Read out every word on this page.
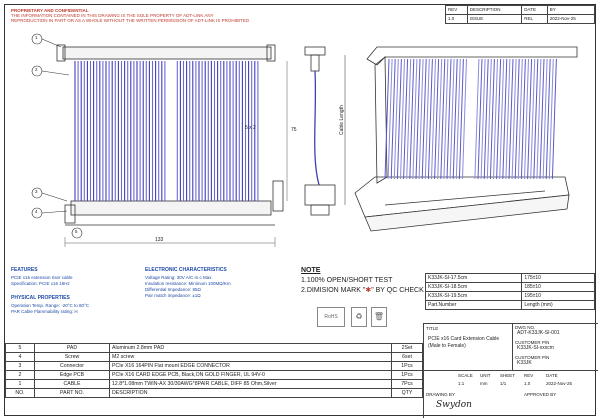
PROPRIETARY AND CONFIDENTIAL
THE INFORMATION CONTAINED IN THIS DRAWING IS THE SOLE PROPERTY OF ADT-LINK ANY
REPRODUCTION IN PART OR AS A WHOLE WITHOUT THE WRITTEN PERMISSION OF ADT-LINK IS PROHIBITED
REV	DESCRIPTION	DATE	BY
1.0	ISSUE	REL	2022-Nov-25
133
75
5 x 2	Cable Length
1
2
3
4
5
FEATURES
PCIE x16 extension riser cable
Specification: PCIE x16 16Hz
PHYSICAL PROPERTIES
Operation Temp. Range: -20°C to 80°C
PAR Cable Flammability rating: H
ELECTRONIC CHARACTERISTICS
Voltage Rating: 30V A/C m.c Max
Insulation resistance: Minimum 100MΩ/Km
Differential Impedance: 85Ω
Pair match impedance: ±1Ω
NOTE
1.100% OPEN/SHORT TEST
2.DIMISION MARK "✱" BY QC CHECK
RoHS	♻	🗑
K33JK-SI-17.5cm	175±10
K33JK-SI-18.5cm	185±10
K33JK-SI-19.5cm	195±10
Part.Number	Length (mm)
TITLE
PCIE x16 Card Extension Cable
(Male to Female)
DWG NO.
ADT-K33JK-SI-001
CUSTOMER P/N
K33JK-SI-xxxcm
CUSTOMER P/N
K33JK
SCALE UNIT SHEET REV	DATE
1:1	mm	1/1	1.0	2022-Nov-25
DRAWING BY	APPROVED BY
Swydon
5	PAD	Aluminum 2.8mm PAD	2Set
4	Screw	M2 screw	6set
3	Connector	PCIe X16 164PIN Flat mount EDGE CONNECTOR	1Pcs
2	Edge PCB	PCIe X16 CARD EDGE PCB, Black,ON GOLD FINGER, UL 94V-0	1Pcs
1	CABLE	12.8*1.08mm TWIN-AX 30/30AWG*8PAIR CABLE, DIFF 85 Ohm,Silver	7Pcs
NO.	PART NO.	DESCRIPTION	QTY
